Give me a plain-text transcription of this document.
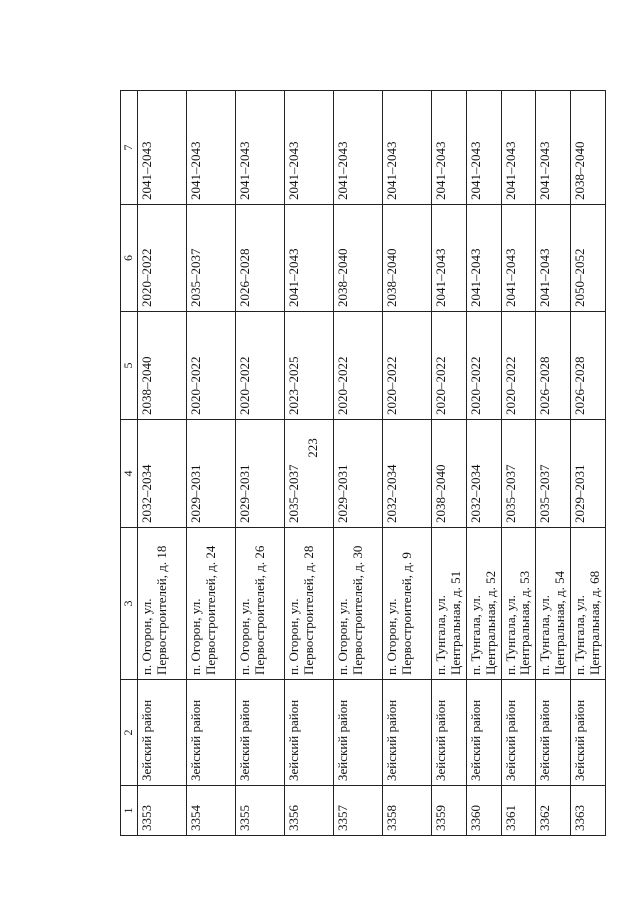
223
1	2	3	4	5	6	7
3353	Зейский район	п. Огорон, ул. Первостроителей, д. 18	2032–2034	2038–2040	2020–2022	2041–2043
3354	Зейский район	п. Огорон, ул. Первостроителей, д. 24	2029–2031	2020–2022	2035–2037	2041–2043
3355	Зейский район	п. Огорон, ул. Первостроителей, д. 26	2029–2031	2020–2022	2026–2028	2041–2043
3356	Зейский район	п. Огорон, ул. Первостроителей, д. 28	2035–2037	2023–2025	2041–2043	2041–2043
3357	Зейский район	п. Огорон, ул. Первостроителей, д. 30	2029–2031	2020–2022	2038–2040	2041–2043
3358	Зейский район	п. Огорон, ул. Первостроителей, д. 9	2032–2034	2020–2022	2038–2040	2041–2043
3359	Зейский район	п. Тунгала, ул. Центральная, д. 51	2038–2040	2020–2022	2041–2043	2041–2043
3360	Зейский район	п. Тунгала, ул. Центральная, д. 52	2032–2034	2020–2022	2041–2043	2041–2043
3361	Зейский район	п. Тунгала, ул. Центральная, д. 53	2035–2037	2020–2022	2041–2043	2041–2043
3362	Зейский район	п. Тунгала, ул. Центральная, д. 54	2035–2037	2026–2028	2041–2043	2041–2043
3363	Зейский район	п. Тунгала, ул. Центральная, д. 68	2029–2031	2026–2028	2050–2052	2038–2040
